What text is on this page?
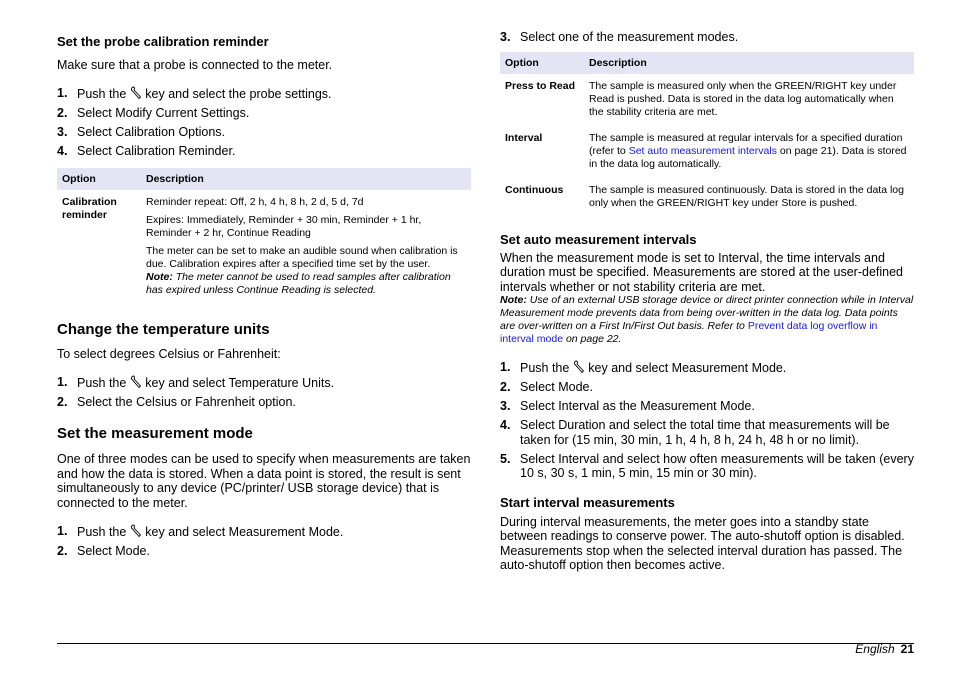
Set the probe calibration reminder

Make sure that a probe is connected to the meter.

1. Push the  key and select the probe settings.
2. Select Modify Current Settings.
3. Select Calibration Options.
4. Select Calibration Reminder.
Option	Description
Calibration reminder	Reminder repeat: Off, 2 h, 4 h, 8 h, 2 d, 5 d, 7d
Expires: Immediately, Reminder + 30 min, Reminder + 1 hr, Reminder + 2 hr, Continue Reading
The meter can be set to make an audible sound when calibration is due. Calibration expires after a specified time set by the user.
Note: The meter cannot be used to read samples after calibration has expired unless Continue Reading is selected.
Change the temperature units

To select degrees Celsius or Fahrenheit:

1. Push the  key and select Temperature Units.
2. Select the Celsius or Fahrenheit option.
Set the measurement mode

One of three modes can be used to specify when measurements are taken and how the data is stored. When a data point is stored, the result is sent simultaneously to any device (PC/printer/ USB storage device) that is connected to the meter.

1. Push the  key and select Measurement Mode.
2. Select Mode.
3. Select one of the measurement modes.
Option	Description
Press to Read	The sample is measured only when the GREEN/RIGHT key under Read is pushed. Data is stored in the data log automatically when the stability criteria are met.
Interval	The sample is measured at regular intervals for a specified duration (refer to Set auto measurement intervals on page 21). Data is stored in the data log automatically.
Continuous	The sample is measured continuously. Data is stored in the data log only when the GREEN/RIGHT key under Store is pushed.
Set auto measurement intervals

When the measurement mode is set to Interval, the time intervals and duration must be specified. Measurements are stored at the user-defined intervals whether or not stability criteria are met.

Note: Use of an external USB storage device or direct printer connection while in Interval Measurement mode prevents data from being over-written in the data log. Data points are over-written on a First In/First Out basis. Refer to Prevent data log overflow in interval mode on page 22.

1. Push the  key and select Measurement Mode.
2. Select Mode.
3. Select Interval as the Measurement Mode.
4. Select Duration and select the total time that measurements will be taken for (15 min, 30 min, 1 h, 4 h, 8 h, 24 h, 48 h or no limit).
5. Select Interval and select how often measurements will be taken (every 10 s, 30 s, 1 min, 5 min, 15 min or 30 min).
Start interval measurements

During interval measurements, the meter goes into a standby state between readings to conserve power. The auto-shutoff option is disabled. Measurements stop when the selected interval duration has passed. The auto-shutoff option then becomes active.

English 21
